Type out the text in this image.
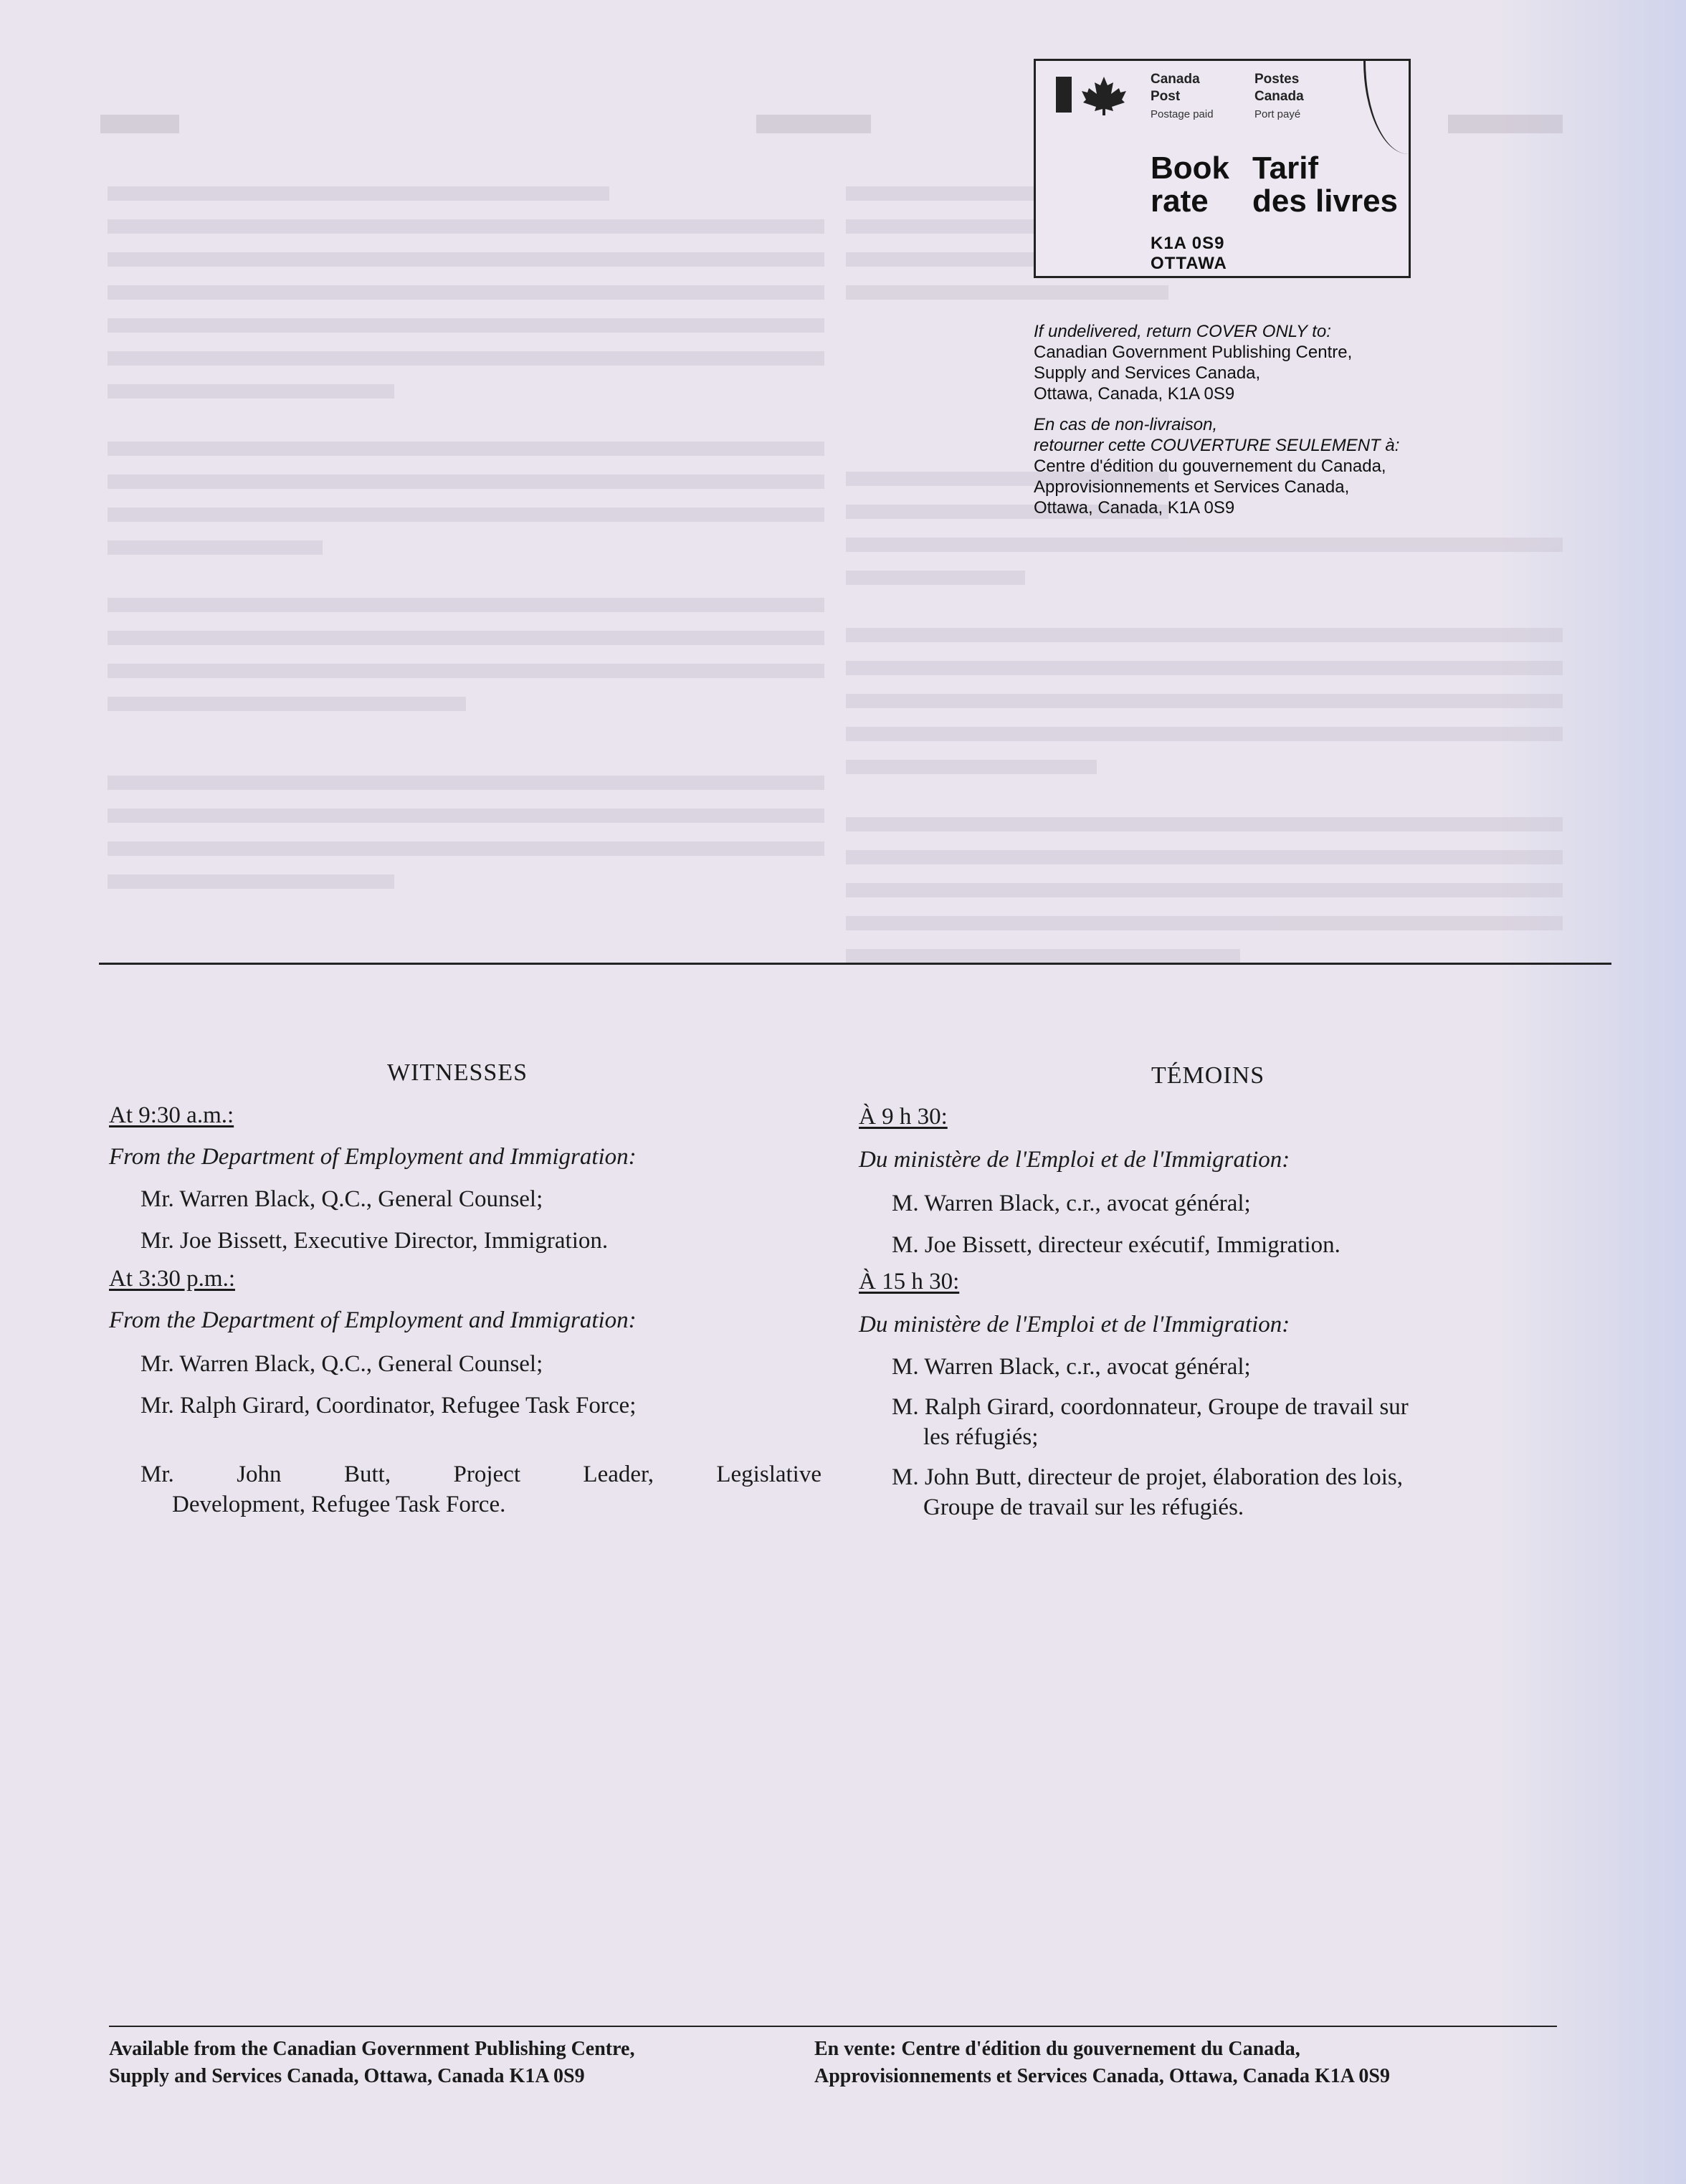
Canada
Post
Postage paid
Postes
Canada
Port payé
Book
rate
Tarif
des livres
K1A 0S9
OTTAWA
If undelivered, return COVER ONLY to:
Canadian Government Publishing Centre,
Supply and Services Canada,
Ottawa, Canada, K1A 0S9
En cas de non-livraison,
retourner cette COUVERTURE SEULEMENT à:
Centre d'édition du gouvernement du Canada,
Approvisionnements et Services Canada,
Ottawa, Canada, K1A 0S9
WITNESSES
At 9:30 a.m.:
From the Department of Employment and Immigration:
Mr. Warren Black, Q.C., General Counsel;
Mr. Joe Bissett, Executive Director, Immigration.
At 3:30 p.m.:
From the Department of Employment and Immigration:
Mr. Warren Black, Q.C., General Counsel;
Mr. Ralph Girard, Coordinator, Refugee Task Force;
Mr. John Butt, Project Leader, Legislative
Development, Refugee Task Force.
TÉMOINS
À 9 h 30:
Du ministère de l'Emploi et de l'Immigration:
M. Warren Black, c.r., avocat général;
M. Joe Bissett, directeur exécutif, Immigration.
À 15 h 30:
Du ministère de l'Emploi et de l'Immigration:
M. Warren Black, c.r., avocat général;
M. Ralph Girard, coordonnateur, Groupe de travail sur
les réfugiés;
M. John Butt, directeur de projet, élaboration des lois,
Groupe de travail sur les réfugiés.
Available from the Canadian Government Publishing Centre,
Supply and Services Canada, Ottawa, Canada K1A 0S9
En vente: Centre d'édition du gouvernement du Canada,
Approvisionnements et Services Canada, Ottawa, Canada K1A 0S9
